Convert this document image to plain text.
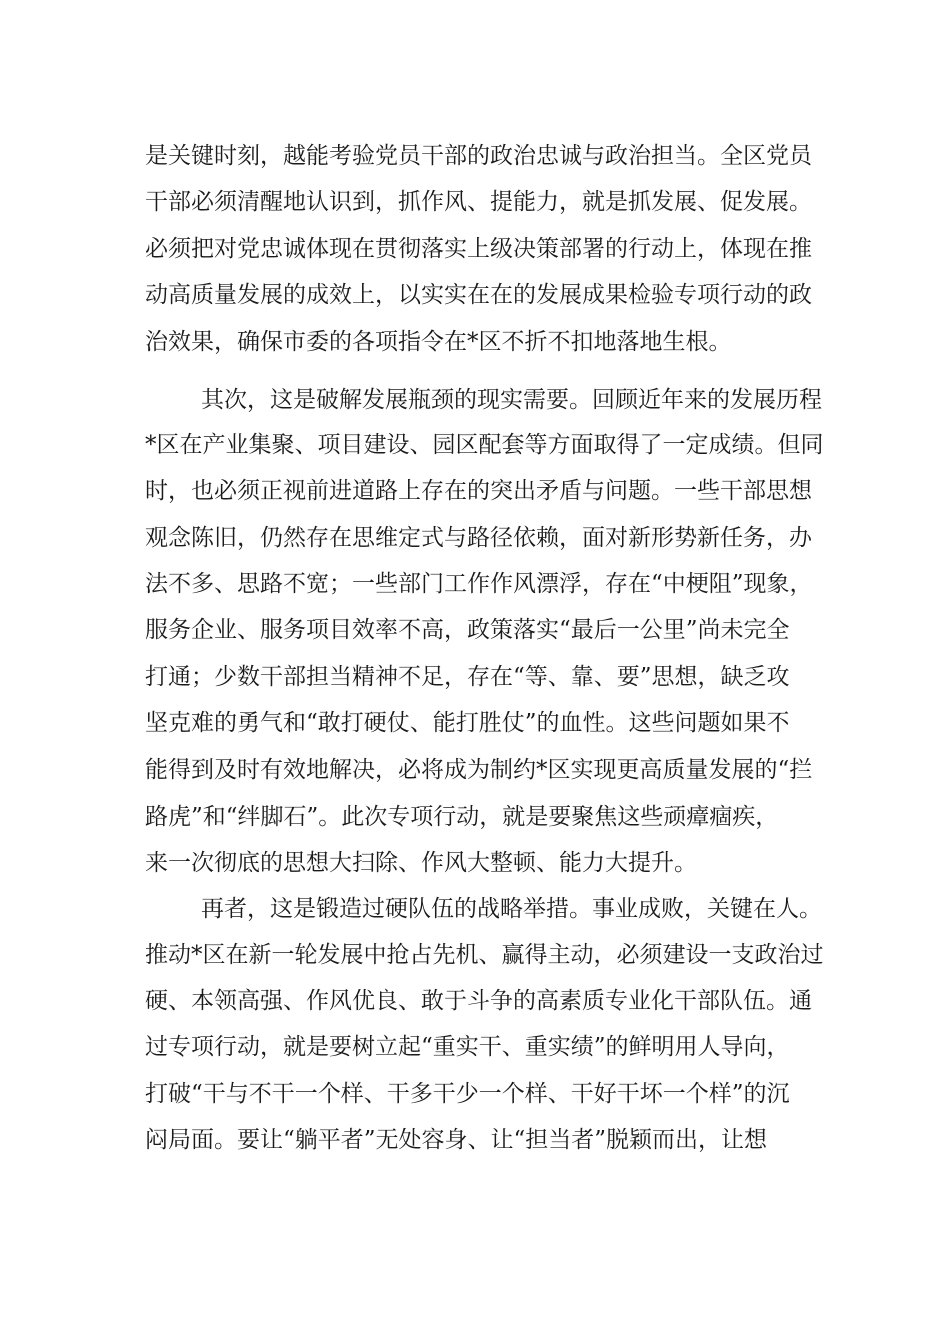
是关键时刻，越能考验党员干部的政治忠诚与政治担当。全区党员
干部必须清醒地认识到，抓作风、提能力，就是抓发展、促发展。
必须把对党忠诚体现在贯彻落实上级决策部署的行动上，体现在推
动高质量发展的成效上，以实实在在的发展成果检验专项行动的政
治效果，确保市委的各项指令在*区不折不扣地落地生根。
其次，这是破解发展瓶颈的现实需要。回顾近年来的发展历程
*区在产业集聚、项目建设、园区配套等方面取得了一定成绩。但同
时，也必须正视前进道路上存在的突出矛盾与问题。一些干部思想
观念陈旧，仍然存在思维定式与路径依赖，面对新形势新任务，办
法不多、思路不宽；一些部门工作作风漂浮，存在“中梗阻”现象，
服务企业、服务项目效率不高，政策落实“最后一公里”尚未完全
打通；少数干部担当精神不足，存在“等、靠、要”思想，缺乏攻
坚克难的勇气和“敢打硬仗、能打胜仗”的血性。这些问题如果不
能得到及时有效地解决，必将成为制约*区实现更高质量发展的“拦
路虎”和“绊脚石”。此次专项行动，就是要聚焦这些顽瘴痼疾，
来一次彻底的思想大扫除、作风大整顿、能力大提升。
再者，这是锻造过硬队伍的战略举措。事业成败，关键在人。
推动*区在新一轮发展中抢占先机、赢得主动，必须建设一支政治过
硬、本领高强、作风优良、敢于斗争的高素质专业化干部队伍。通
过专项行动，就是要树立起“重实干、重实绩”的鲜明用人导向，
打破“干与不干一个样、干多干少一个样、干好干坏一个样”的沉
闷局面。要让“躺平者”无处容身、让“担当者”脱颖而出，让想
